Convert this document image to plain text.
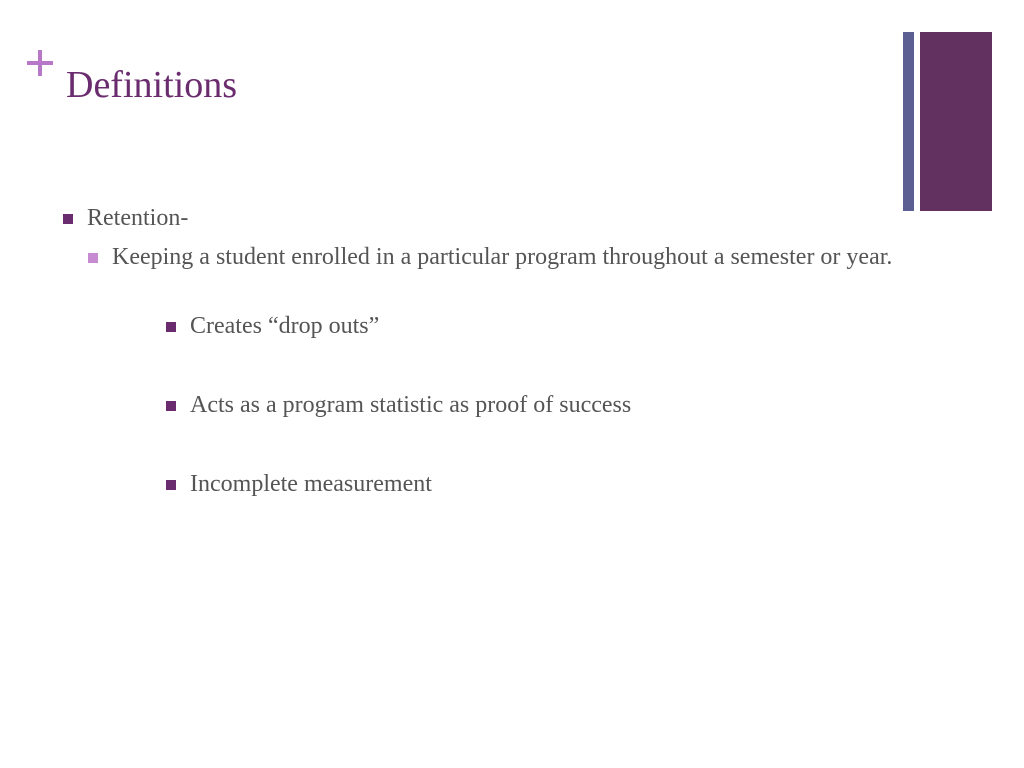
Definitions
Retention-
Keeping a student enrolled in a particular program throughout a semester or year.
Creates “drop outs”
Acts as a program statistic as proof of success
Incomplete measurement
